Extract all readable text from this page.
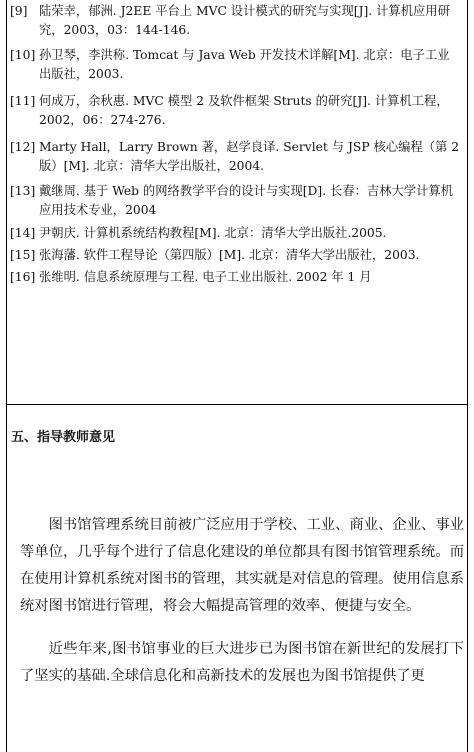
[9] 陆荣幸，郁洲. J2EE 平台上 MVC 设计模式的研究与实现[J]. 计算机应用研究，2003，03：144-146.

[10] 孙卫琴，李洪称. Tomcat 与 Java Web 开发技术详解[M]. 北京：电子工业出版社，2003.

[11] 何成万，余秋惠. MVC 模型 2 及软件框架 Struts 的研究[J]. 计算机工程，2002，06：274-276.

[12] Marty Hall，Larry Brown 著，赵学良译. Servlet 与 JSP 核心编程（第 2 版）[M]. 北京：清华大学出版社，2004.

[13] 戴继周. 基于 Web 的网络教学平台的设计与实现[D]. 长春：吉林大学计算机应用技术专业，2004

[14] 尹朝庆. 计算机系统结构教程[M]. 北京：清华大学出版社.2005.

[15] 张海藩. 软件工程导论（第四版）[M]. 北京：清华大学出版社，2003.

[16] 张维明. 信息系统原理与工程. 电子工业出版社. 2002 年 1 月

五、指导教师意见

图书馆管理系统目前被广泛应用于学校、工业、商业、企业、事业等单位，几乎每个进行了信息化建设的单位都具有图书馆管理系统。而在使用计算机系统对图书的管理，其实就是对信息的管理。使用信息系统对图书馆进行管理，将会大幅提高管理的效率、便捷与安全。

近些年来,图书馆事业的巨大进步已为图书馆在新世纪的发展打下了坚实的基础.全球信息化和高新技术的发展也为图书馆提供了更
